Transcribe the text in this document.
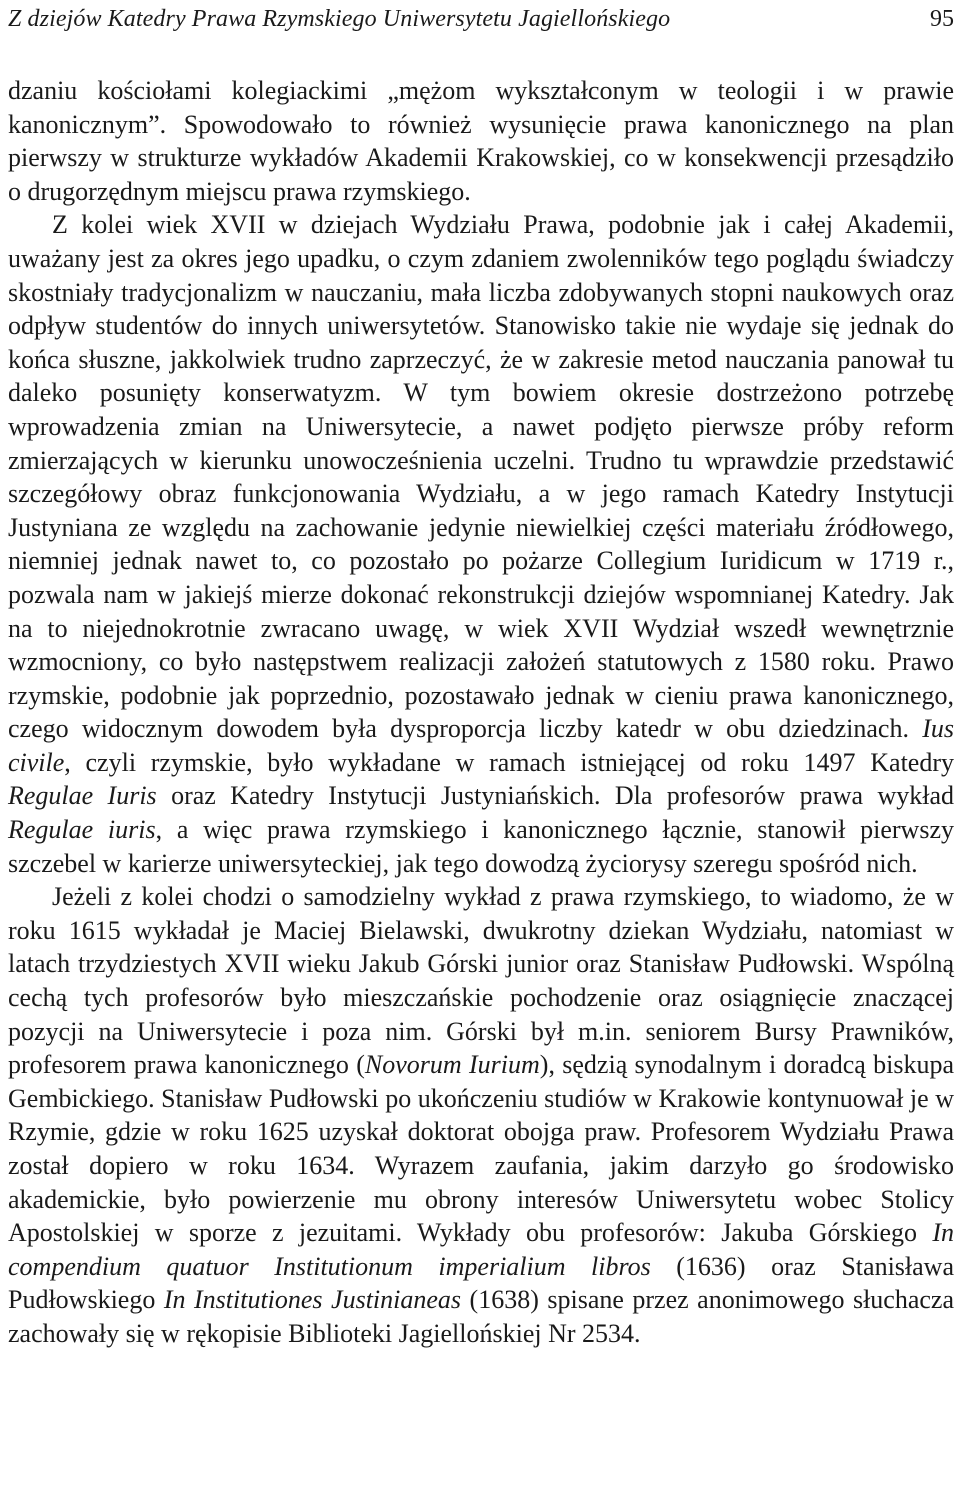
Z dziejów Katedry Prawa Rzymskiego Uniwersytetu Jagiellońskiego	95

dzaniu kościołami kolegiackimi „mężom wykształconym w teologii i w prawie kanonicznym”. Spowodowało to również wysunięcie prawa kanonicznego na plan pierwszy w strukturze wykładów Akademii Krakowskiej, co w konsekwencji przesądziło o drugorzędnym miejscu prawa rzymskiego.

Z kolei wiek XVII w dziejach Wydziału Prawa, podobnie jak i całej Akademii, uważany jest za okres jego upadku, o czym zdaniem zwolenników tego poglądu świadczy skostniały tradycjonalizm w nauczaniu, mała liczba zdobywanych stopni naukowych oraz odpływ studentów do innych uniwersytetów. Stanowisko takie nie wydaje się jednak do końca słuszne, jakkolwiek trudno zaprzeczyć, że w zakresie metod nauczania panował tu daleko posunięty konserwatyzm. W tym bowiem okresie dostrzeżono potrzebę wprowadzenia zmian na Uniwersytecie, a nawet podjęto pierwsze próby reform zmierzających w kierunku unowocześnienia uczelni. Trudno tu wprawdzie przedstawić szczegółowy obraz funkcjonowania Wydziału, a w jego ramach Katedry Instytucji Justyniana ze względu na zachowanie jedynie niewielkiej części materiału źródłowego, niemniej jednak nawet to, co pozostało po pożarze Collegium Iuridicum w 1719 r., pozwala nam w jakiejś mierze dokonać rekonstrukcji dziejów wspomnianej Katedry. Jak na to niejednokrotnie zwracano uwagę, w wiek XVII Wydział wszedł wewnętrznie wzmocniony, co było następstwem realizacji założeń statutowych z 1580 roku. Prawo rzymskie, podobnie jak poprzednio, pozostawało jednak w cieniu prawa kanonicznego, czego widocznym dowodem była dysproporcja liczby katedr w obu dziedzinach. Ius civile, czyli rzymskie, było wykładane w ramach istniejącej od roku 1497 Katedry Regulae Iuris oraz Katedry Instytucji Justyniańskich. Dla profesorów prawa wykład Regulae iuris, a więc prawa rzymskiego i kanonicznego łącznie, stanowił pierwszy szczebel w karierze uniwersyteckiej, jak tego dowodzą życiorysy szeregu spośród nich.

Jeżeli z kolei chodzi o samodzielny wykład z prawa rzymskiego, to wiadomo, że w roku 1615 wykładał je Maciej Bielawski, dwukrotny dziekan Wydziału, natomiast w latach trzydziestych XVII wieku Jakub Górski junior oraz Stanisław Pudłowski. Wspólną cechą tych profesorów było mieszczańskie pochodzenie oraz osiągnięcie znaczącej pozycji na Uniwersytecie i poza nim. Górski był m.in. seniorem Bursy Prawników, profesorem prawa kanonicznego (Novorum Iurium), sędzią synodalnym i doradcą biskupa Gembickiego. Stanisław Pudłowski po ukończeniu studiów w Krakowie kontynuował je w Rzymie, gdzie w roku 1625 uzyskał doktorat obojga praw. Profesorem Wydziału Prawa został dopiero w roku 1634. Wyrazem zaufania, jakim darzyło go środowisko akademickie, było powierzenie mu obrony interesów Uniwersytetu wobec Stolicy Apostolskiej w sporze z jezuitami. Wykłady obu profesorów: Jakuba Górskiego In compendium quatuor Institutionum imperialium libros (1636) oraz Stanisława Pudłowskiego In Institutiones Justinianeas (1638) spisane przez anonimowego słuchacza zachowały się w rękopisie Biblioteki Jagiellońskiej Nr 2534.
